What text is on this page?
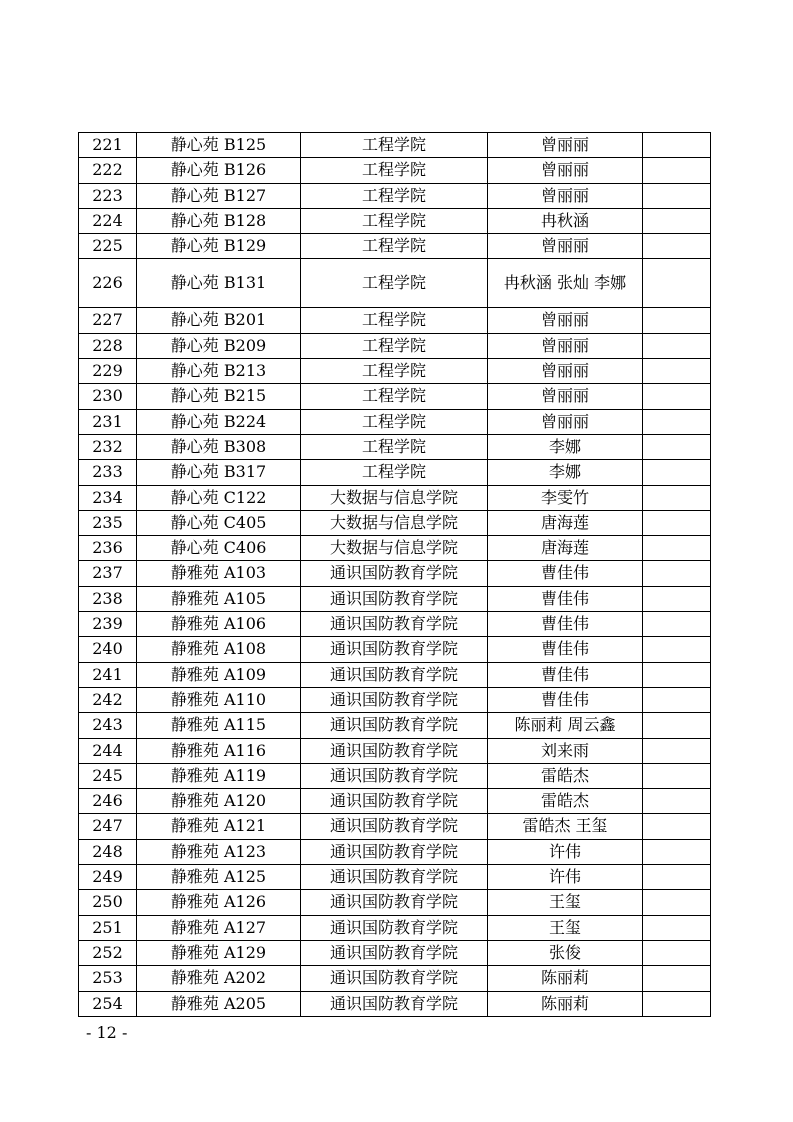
221	静心苑 B125	工程学院	曾丽丽	
222	静心苑 B126	工程学院	曾丽丽	
223	静心苑 B127	工程学院	曾丽丽	
224	静心苑 B128	工程学院	冉秋涵	
225	静心苑 B129	工程学院	曾丽丽	
226	静心苑 B131	工程学院	冉秋涵 张灿 李娜	
227	静心苑 B201	工程学院	曾丽丽	
228	静心苑 B209	工程学院	曾丽丽	
229	静心苑 B213	工程学院	曾丽丽	
230	静心苑 B215	工程学院	曾丽丽	
231	静心苑 B224	工程学院	曾丽丽	
232	静心苑 B308	工程学院	李娜	
233	静心苑 B317	工程学院	李娜	
234	静心苑 C122	大数据与信息学院	李雯竹	
235	静心苑 C405	大数据与信息学院	唐海莲	
236	静心苑 C406	大数据与信息学院	唐海莲	
237	静雅苑 A103	通识国防教育学院	曹佳伟	
238	静雅苑 A105	通识国防教育学院	曹佳伟	
239	静雅苑 A106	通识国防教育学院	曹佳伟	
240	静雅苑 A108	通识国防教育学院	曹佳伟	
241	静雅苑 A109	通识国防教育学院	曹佳伟	
242	静雅苑 A110	通识国防教育学院	曹佳伟	
243	静雅苑 A115	通识国防教育学院	陈丽莉 周云鑫	
244	静雅苑 A116	通识国防教育学院	刘来雨	
245	静雅苑 A119	通识国防教育学院	雷皓杰	
246	静雅苑 A120	通识国防教育学院	雷皓杰	
247	静雅苑 A121	通识国防教育学院	雷皓杰 王玺	
248	静雅苑 A123	通识国防教育学院	许伟	
249	静雅苑 A125	通识国防教育学院	许伟	
250	静雅苑 A126	通识国防教育学院	王玺	
251	静雅苑 A127	通识国防教育学院	王玺	
252	静雅苑 A129	通识国防教育学院	张俊	
253	静雅苑 A202	通识国防教育学院	陈丽莉	
254	静雅苑 A205	通识国防教育学院	陈丽莉	
- 12 -
